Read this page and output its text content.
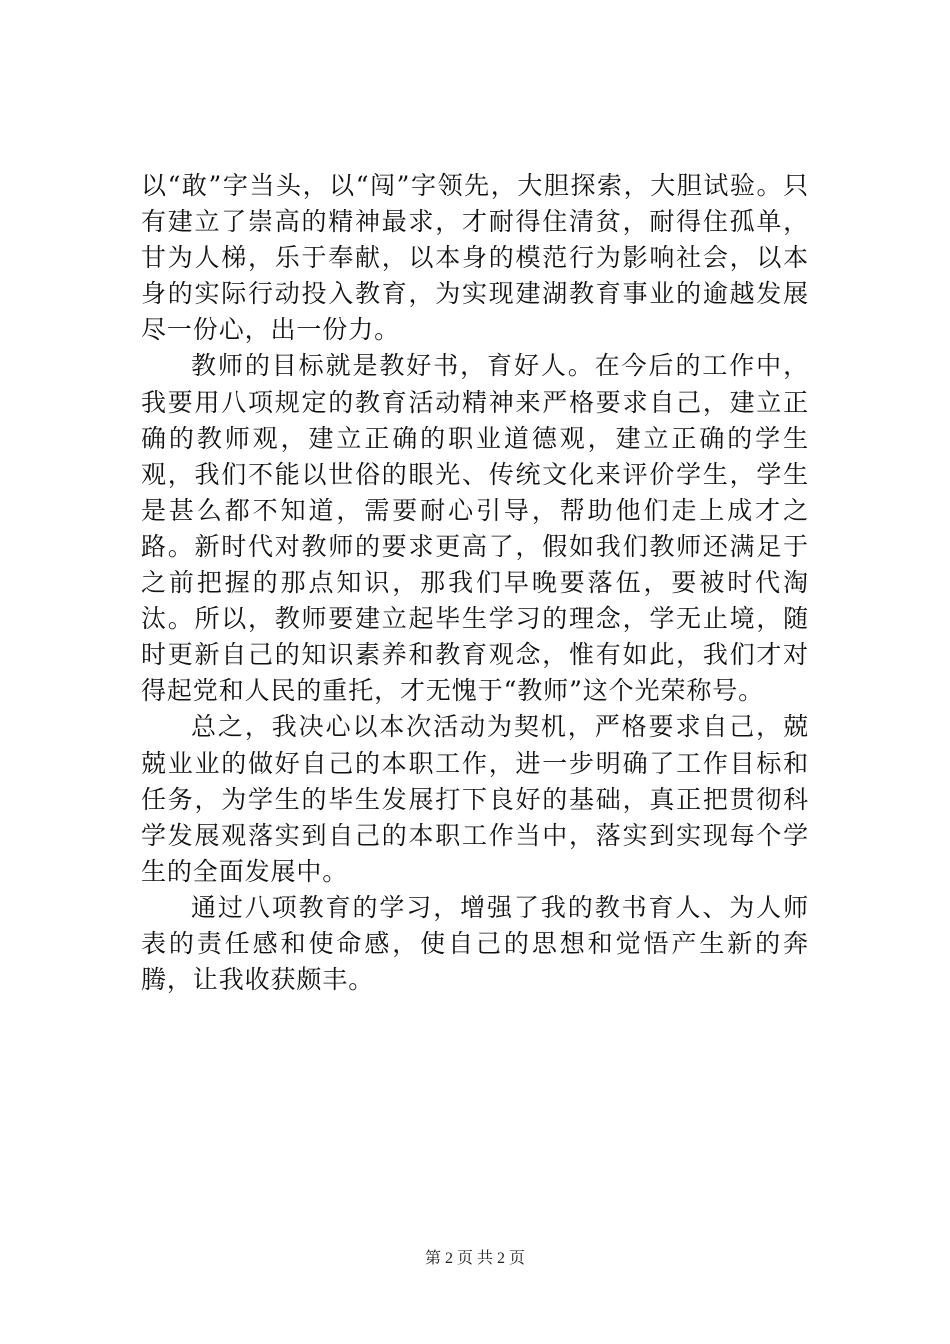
以“敢”字当头，以“闯”字领先，大胆探索，大胆试验。只有建立了崇高的精神最求，才耐得住清贫，耐得住孤单，甘为人梯，乐于奉献，以本身的模范行为影响社会，以本身的实际行动投入教育，为实现建湖教育事业的逾越发展尽一份心，出一份力。

教师的目标就是教好书，育好人。在今后的工作中，我要用八项规定的教育活动精神来严格要求自己，建立正确的教师观，建立正确的职业道德观，建立正确的学生观，我们不能以世俗的眼光、传统文化来评价学生，学生是甚么都不知道，需要耐心引导，帮助他们走上成才之路。新时代对教师的要求更高了，假如我们教师还满足于之前把握的那点知识，那我们早晚要落伍，要被时代淘汰。所以，教师要建立起毕生学习的理念，学无止境，随时更新自己的知识素养和教育观念，惟有如此，我们才对得起党和人民的重托，才无愧于“教师”这个光荣称号。

总之，我决心以本次活动为契机，严格要求自己，兢兢业业的做好自己的本职工作，进一步明确了工作目标和任务，为学生的毕生发展打下良好的基础，真正把贯彻科学发展观落实到自己的本职工作当中，落实到实现每个学生的全面发展中。

通过八项教育的学习，增强了我的教书育人、为人师表的责任感和使命感，使自己的思想和觉悟产生新的奔腾，让我收获颇丰。

第 2 页 共 2 页
